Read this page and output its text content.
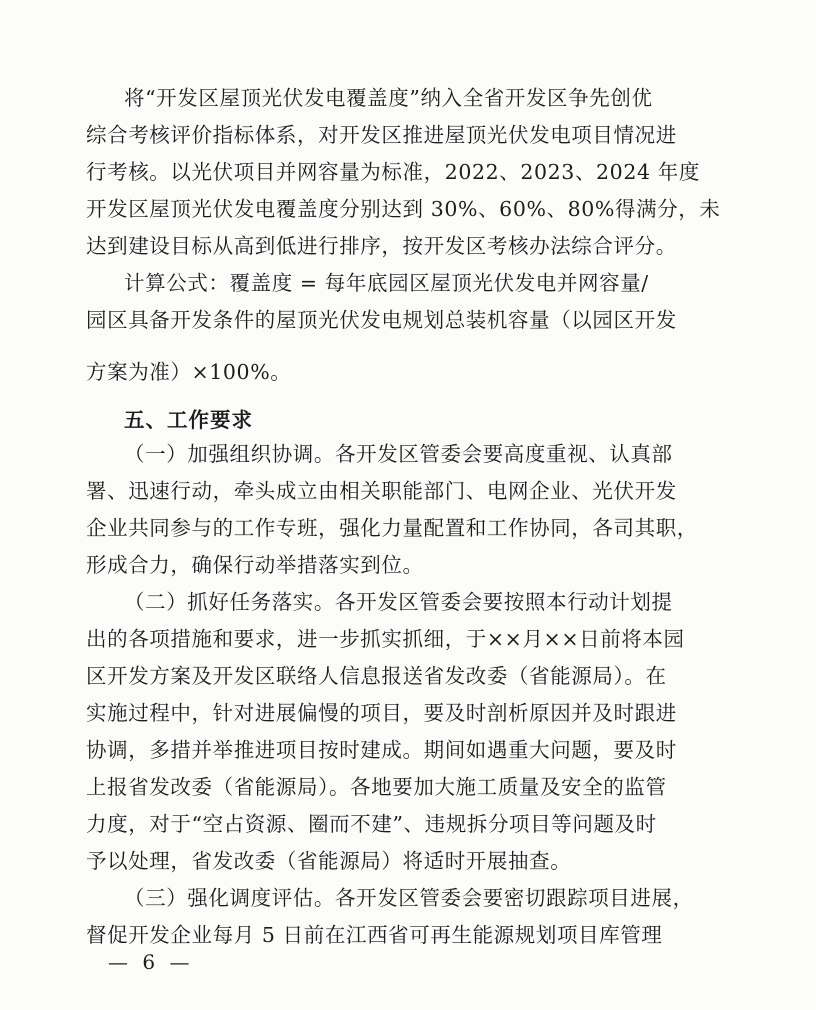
将“开发区屋顶光伏发电覆盖度”纳入全省开发区争先创优
综合考核评价指标体系，对开发区推进屋顶光伏发电项目情况进
行考核。以光伏项目并网容量为标准，2022、2023、2024 年度
开发区屋顶光伏发电覆盖度分别达到 30%、60%、80%得满分，未
达到建设目标从高到低进行排序，按开发区考核办法综合评分。
计算公式：覆盖度 = 每年底园区屋顶光伏发电并网容量/
园区具备开发条件的屋顶光伏发电规划总装机容量（以园区开发
方案为准）×100%。
五、工作要求
（一）加强组织协调。各开发区管委会要高度重视、认真部
署、迅速行动，牵头成立由相关职能部门、电网企业、光伏开发
企业共同参与的工作专班，强化力量配置和工作协同，各司其职，
形成合力，确保行动举措落实到位。
（二）抓好任务落实。各开发区管委会要按照本行动计划提
出的各项措施和要求，进一步抓实抓细，于××月××日前将本园
区开发方案及开发区联络人信息报送省发改委（省能源局）。在
实施过程中，针对进展偏慢的项目，要及时剖析原因并及时跟进
协调，多措并举推进项目按时建成。期间如遇重大问题，要及时
上报省发改委（省能源局）。各地要加大施工质量及安全的监管
力度，对于“空占资源、圈而不建”、违规拆分项目等问题及时
予以处理，省发改委（省能源局）将适时开展抽查。
（三）强化调度评估。各开发区管委会要密切跟踪项目进展，
督促开发企业每月 5 日前在江西省可再生能源规划项目库管理
— 6 —
